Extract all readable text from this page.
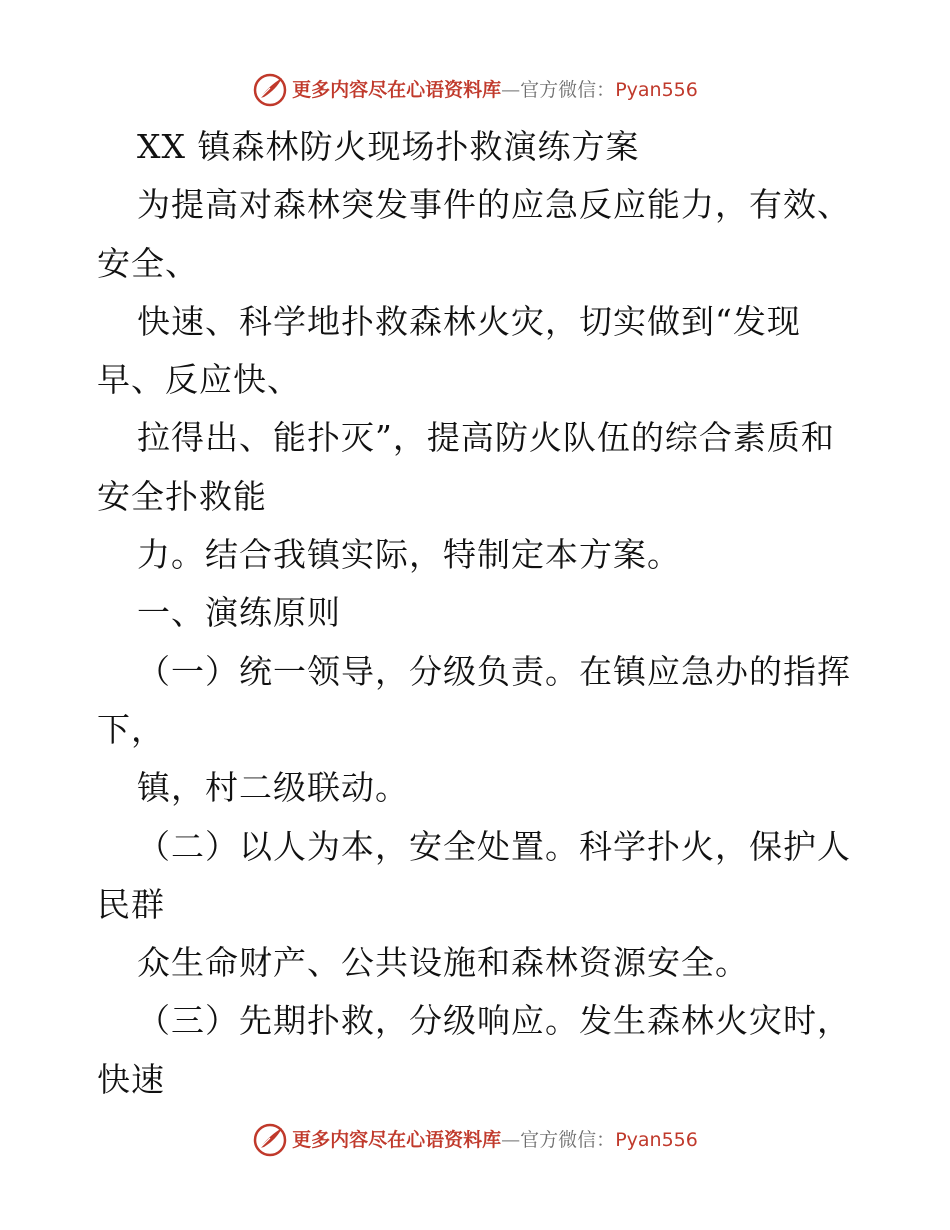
更多内容尽在心语资料库—官方微信：Pyan556
XX 镇森林防火现场扑救演练方案
为提高对森林突发事件的应急反应能力，有效、
安全、
快速、科学地扑救森林火灾，切实做到“发现
早、反应快、
拉得出、能扑灭”，提高防火队伍的综合素质和
安全扑救能
力。结合我镇实际，特制定本方案。
一、演练原则
（一）统一领导，分级负责。在镇应急办的指挥
下，
镇，村二级联动。
（二）以人为本，安全处置。科学扑火，保护人
民群
众生命财产、公共设施和森林资源安全。
（三）先期扑救，分级响应。发生森林火灾时，
快速
更多内容尽在心语资料库—官方微信：Pyan556
